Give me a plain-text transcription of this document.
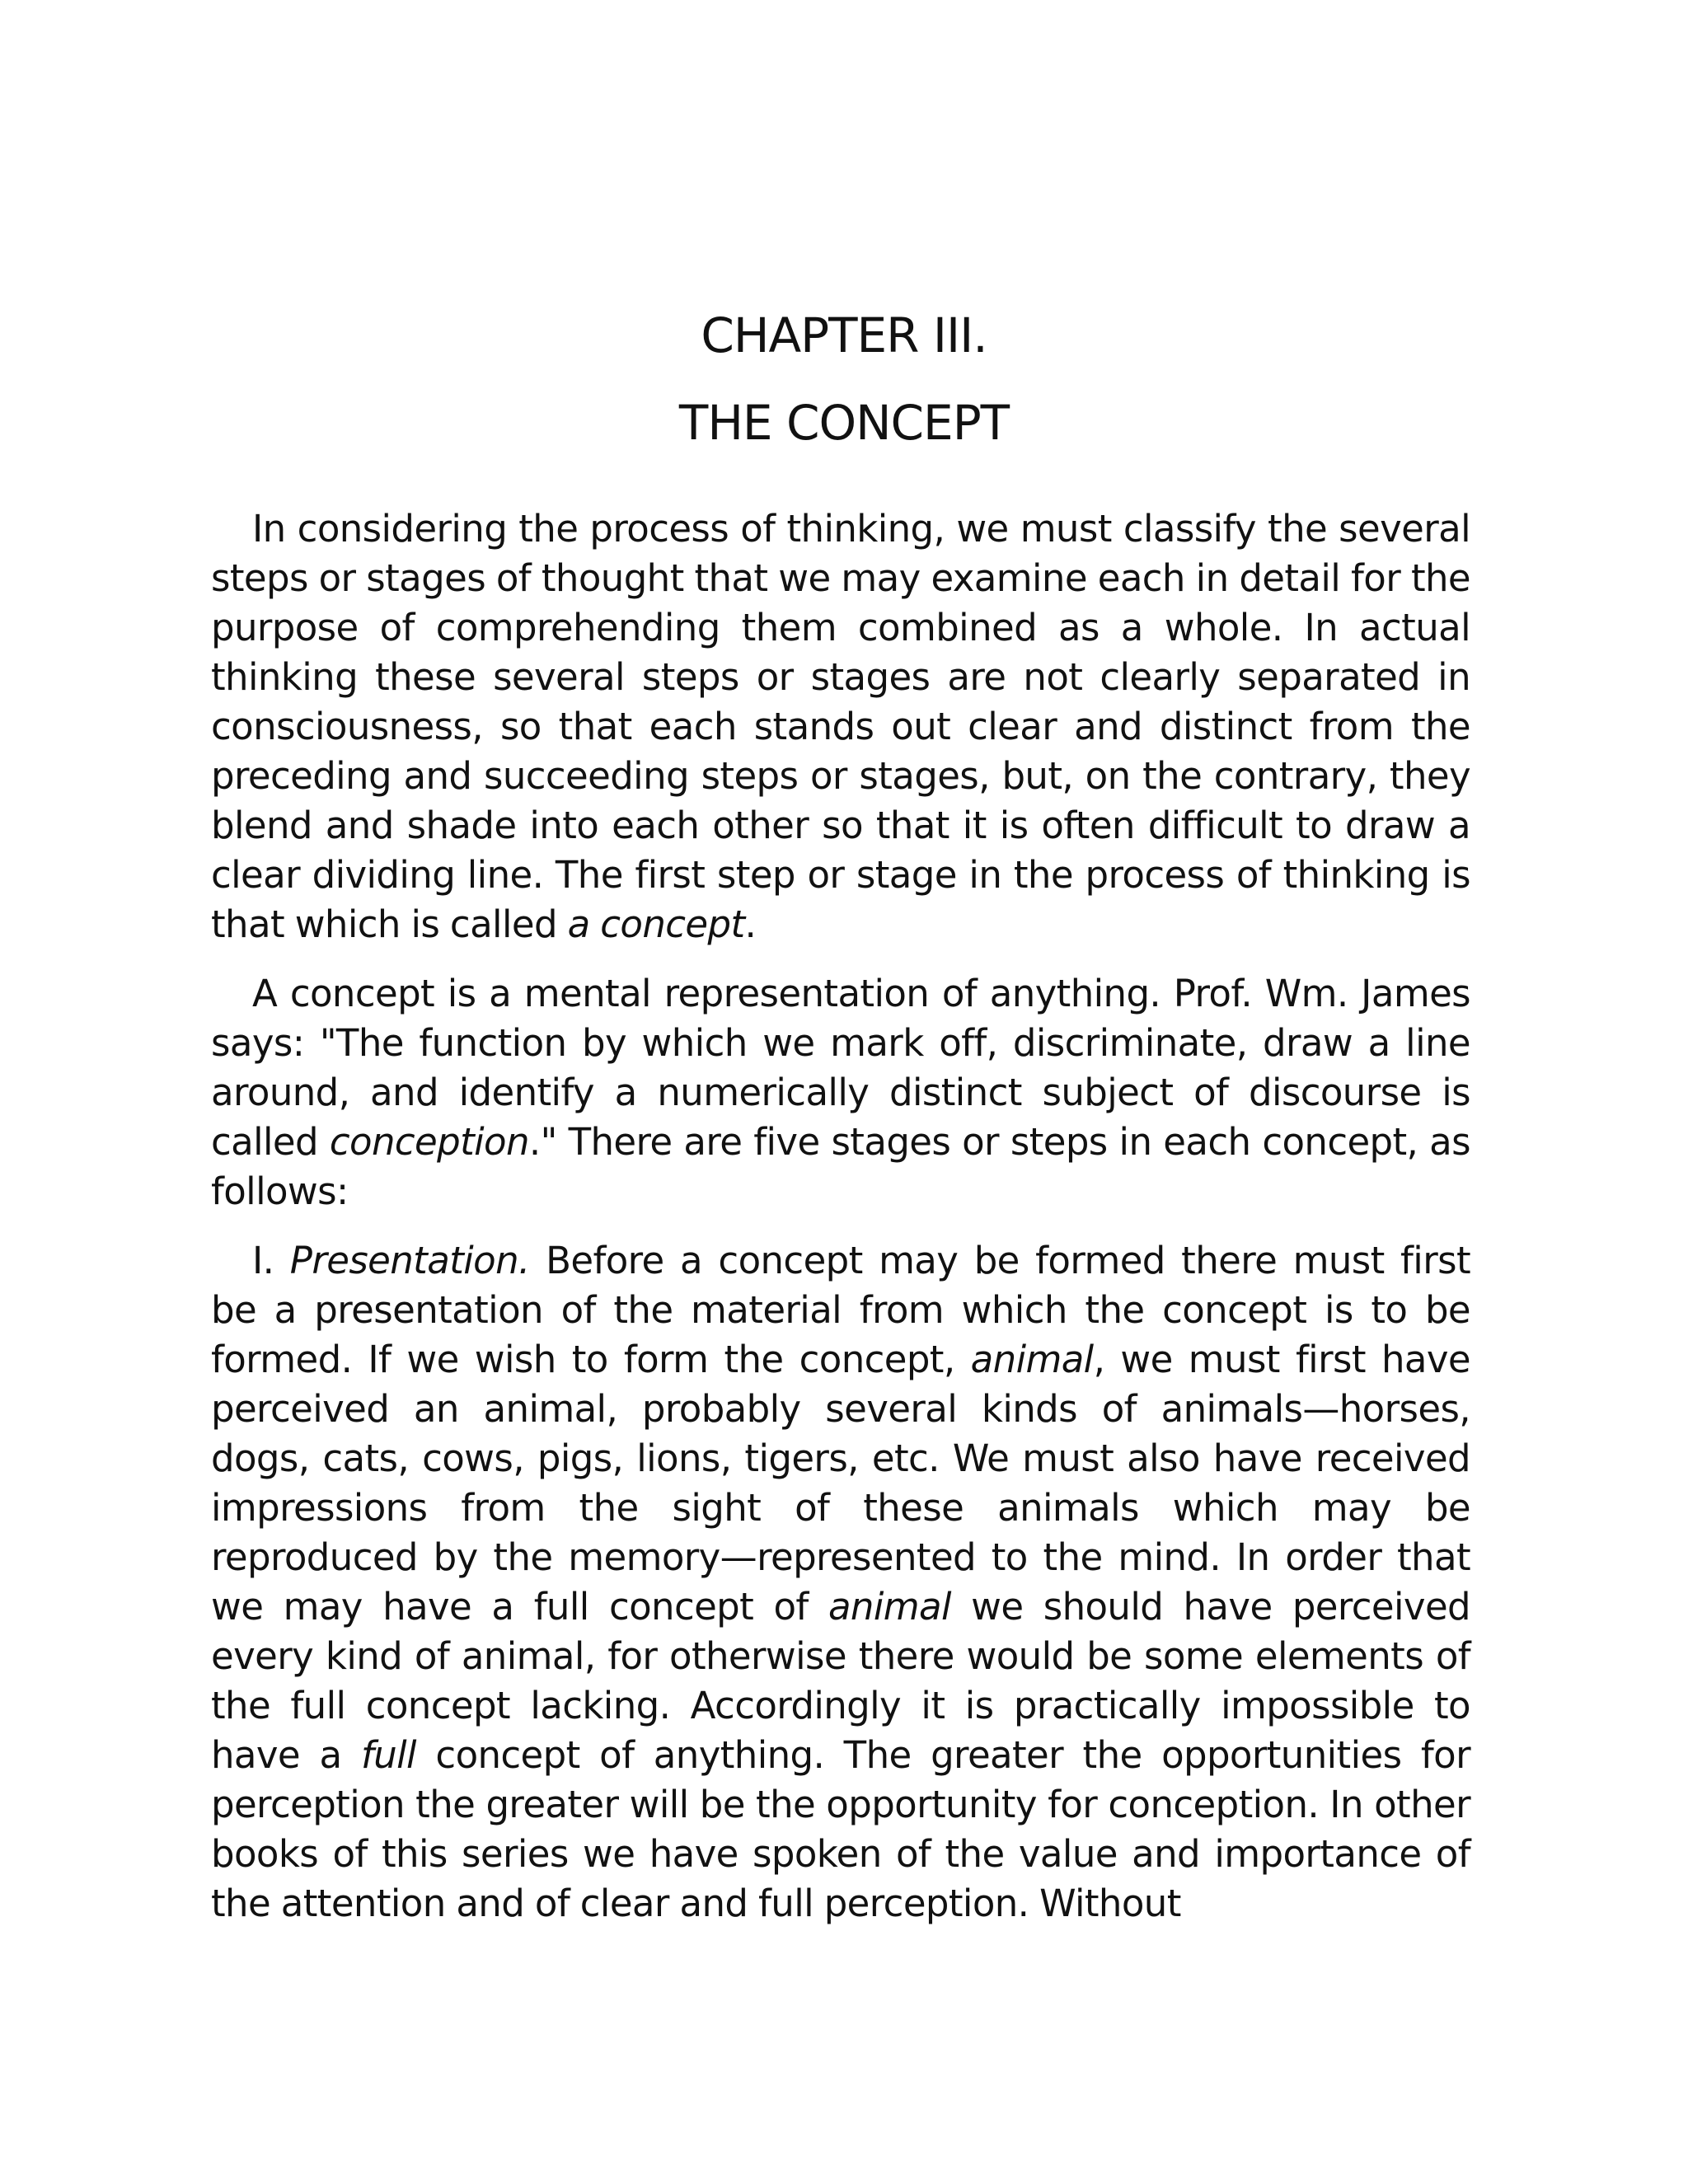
CHAPTER III.
THE CONCEPT

In considering the process of thinking, we must classify the several steps or stages of thought that we may examine each in detail for the purpose of comprehending them combined as a whole. In actual thinking these several steps or stages are not clearly separated in consciousness, so that each stands out clear and distinct from the preceding and succeeding steps or stages, but, on the contrary, they blend and shade into each other so that it is often difficult to draw a clear dividing line. The first step or stage in the process of thinking is that which is called a concept.

A concept is a mental representation of anything. Prof. Wm. James says: "The function by which we mark off, discriminate, draw a line around, and identify a numerically distinct subject of discourse is called conception." There are five stages or steps in each concept, as follows:

I. Presentation. Before a concept may be formed there must first be a presentation of the material from which the concept is to be formed. If we wish to form the concept, animal, we must first have perceived an animal, probably several kinds of animals—horses, dogs, cats, cows, pigs, lions, tigers, etc. We must also have received impressions from the sight of these animals which may be reproduced by the memory—represented to the mind. In order that we may have a full concept of animal we should have perceived every kind of animal, for otherwise there would be some elements of the full concept lacking. Accordingly it is practically impossible to have a full concept of anything. The greater the opportunities for perception the greater will be the opportunity for conception. In other books of this series we have spoken of the value and importance of the attention and of clear and full perception. Without
